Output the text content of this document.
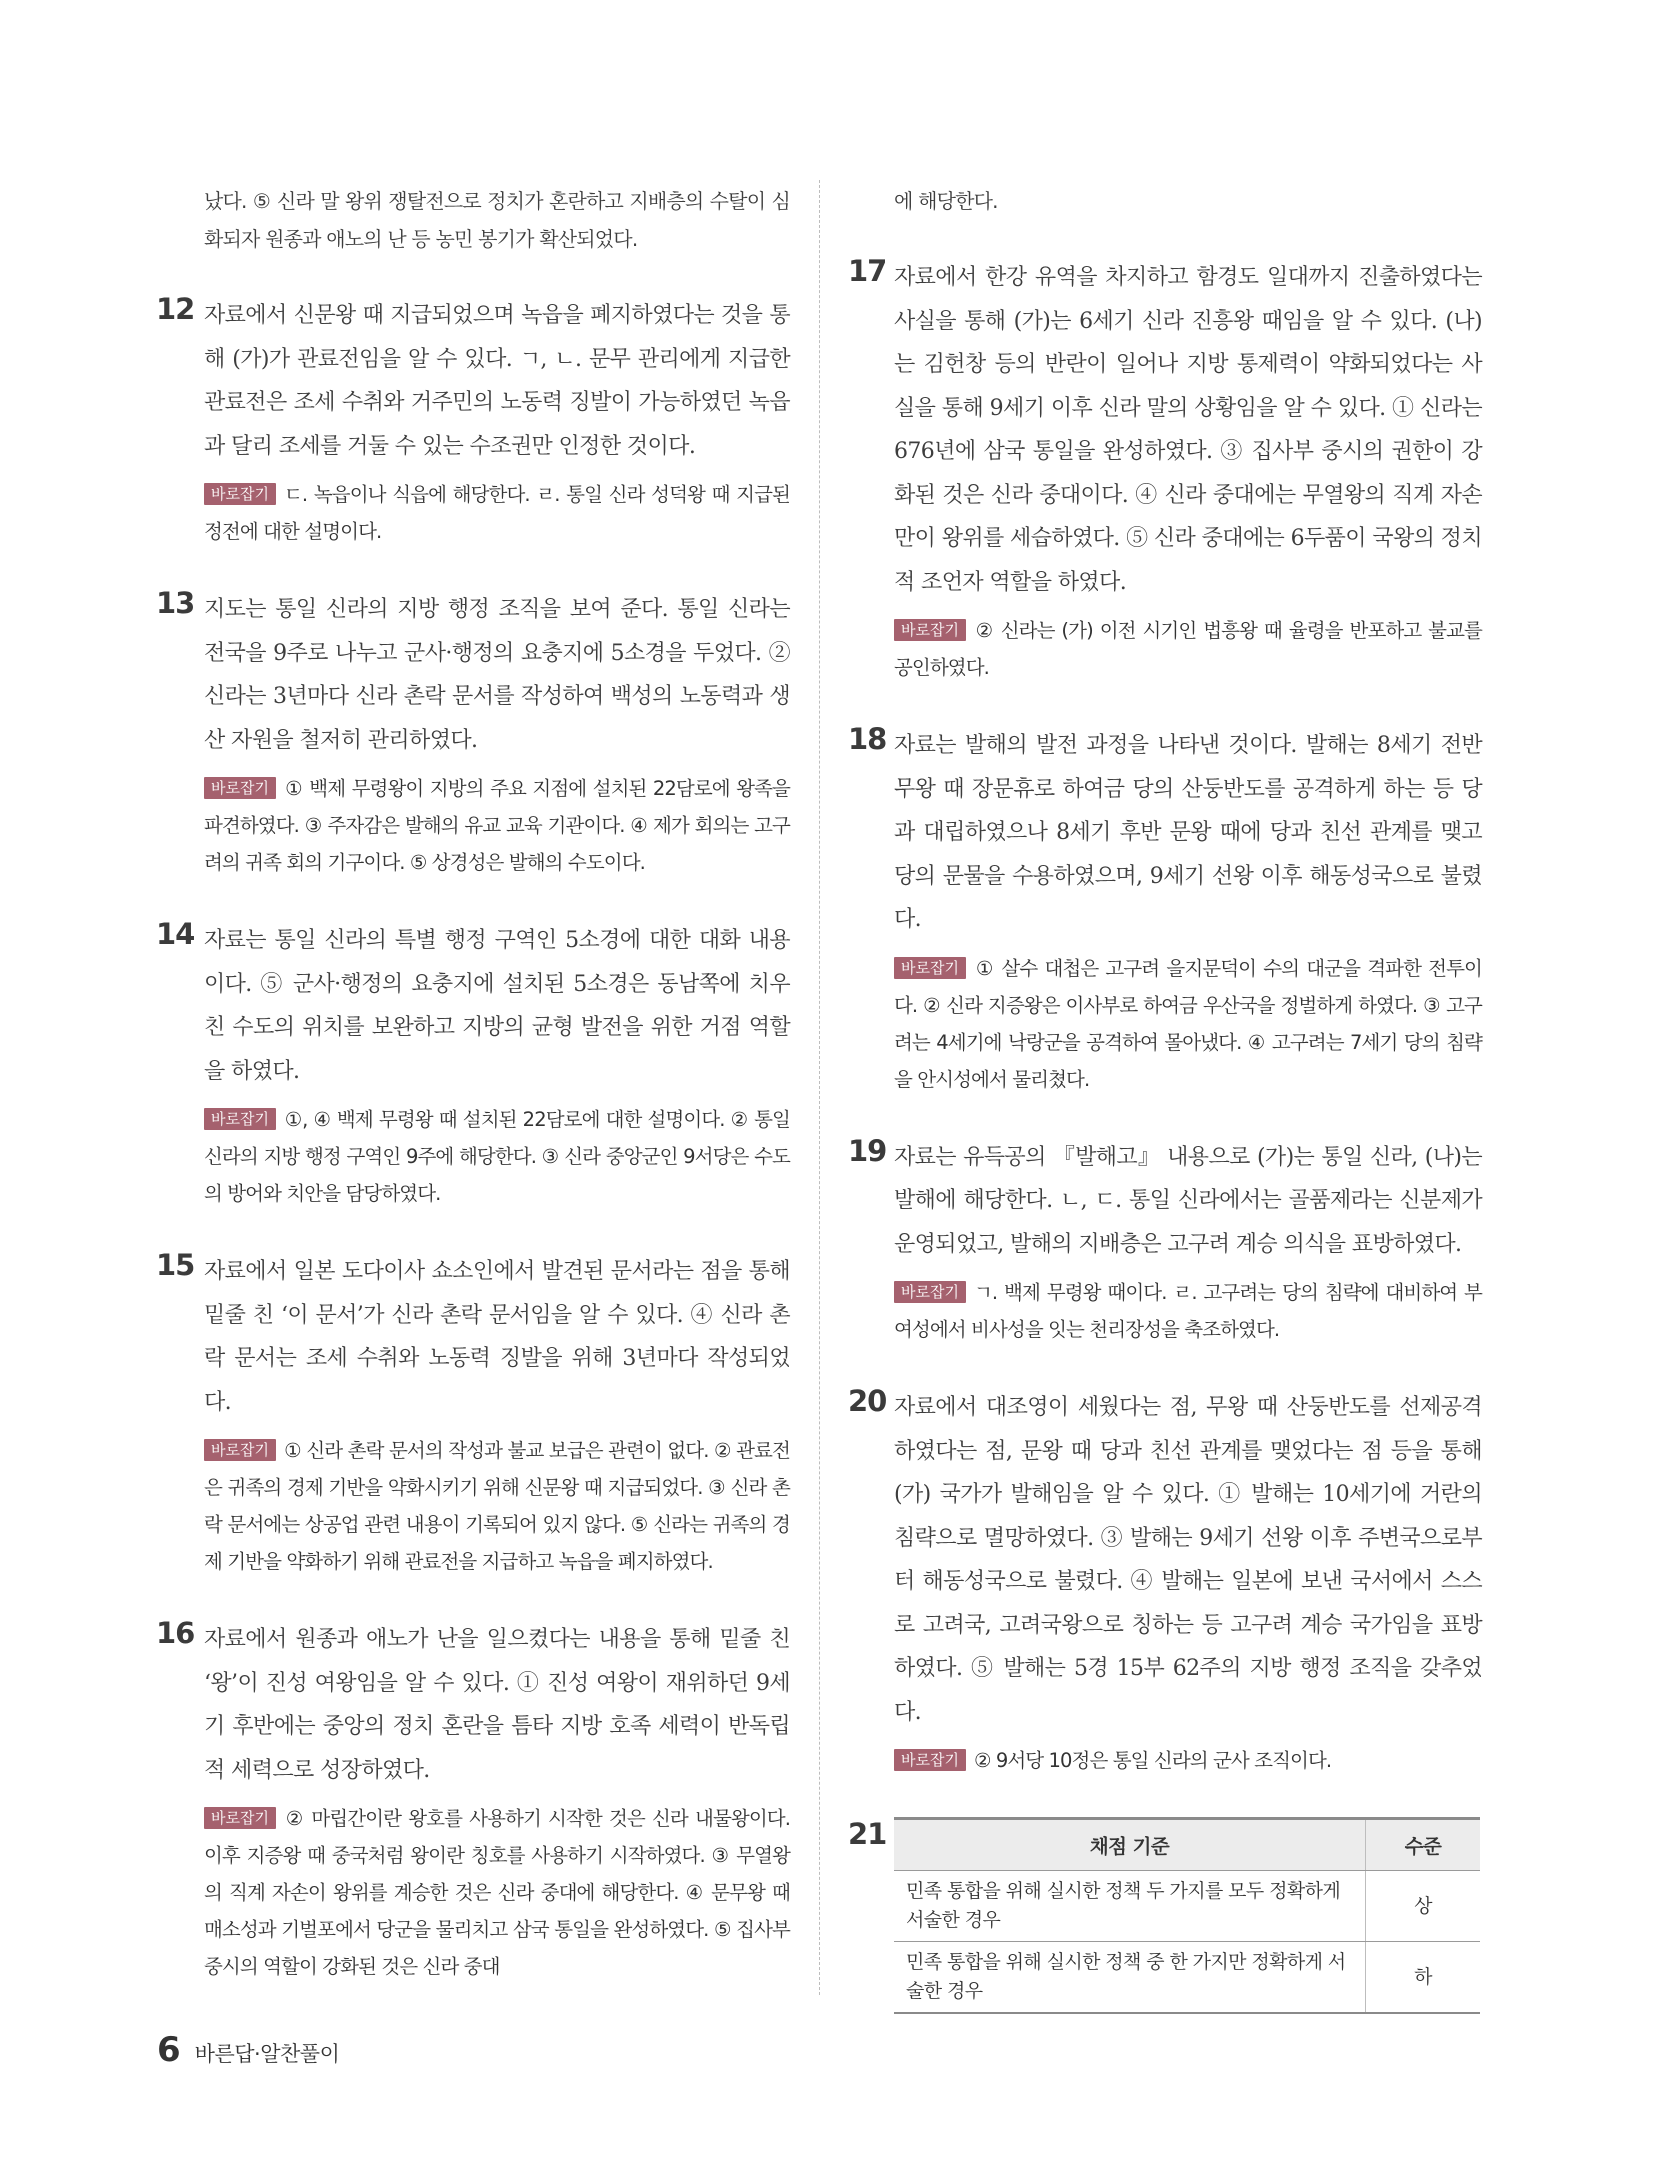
났다. ⑤ 신라 말 왕위 쟁탈전으로 정치가 혼란하고 지배층의 수탈이 심화되자 원종과 애노의 난 등 농민 봉기가 확산되었다.
12 자료에서 신문왕 때 지급되었으며 녹읍을 폐지하였다는 것을 통해 (가)가 관료전임을 알 수 있다. ㄱ, ㄴ. 문무 관리에게 지급한 관료전은 조세 수취와 거주민의 노동력 징발이 가능하였던 녹읍과 달리 조세를 거둘 수 있는 수조권만 인정한 것이다.
바로잡기 ㄷ. 녹읍이나 식읍에 해당한다. ㄹ. 통일 신라 성덕왕 때 지급된 정전에 대한 설명이다.
13 지도는 통일 신라의 지방 행정 조직을 보여 준다. 통일 신라는 전국을 9주로 나누고 군사·행정의 요충지에 5소경을 두었다. ② 신라는 3년마다 신라 촌락 문서를 작성하여 백성의 노동력과 생산 자원을 철저히 관리하였다.
바로잡기 ① 백제 무령왕이 지방의 주요 지점에 설치된 22담로에 왕족을 파견하였다. ③ 주자감은 발해의 유교 교육 기관이다. ④ 제가 회의는 고구려의 귀족 회의 기구이다. ⑤ 상경성은 발해의 수도이다.
14 자료는 통일 신라의 특별 행정 구역인 5소경에 대한 대화 내용이다. ⑤ 군사·행정의 요충지에 설치된 5소경은 동남쪽에 치우친 수도의 위치를 보완하고 지방의 균형 발전을 위한 거점 역할을 하였다.
바로잡기 ①, ④ 백제 무령왕 때 설치된 22담로에 대한 설명이다. ② 통일 신라의 지방 행정 구역인 9주에 해당한다. ③ 신라 중앙군인 9서당은 수도의 방어와 치안을 담당하였다.
15 자료에서 일본 도다이사 쇼소인에서 발견된 문서라는 점을 통해 밑줄 친 ‘이 문서’가 신라 촌락 문서임을 알 수 있다. ④ 신라 촌락 문서는 조세 수취와 노동력 징발을 위해 3년마다 작성되었다.
바로잡기 ① 신라 촌락 문서의 작성과 불교 보급은 관련이 없다. ② 관료전은 귀족의 경제 기반을 약화시키기 위해 신문왕 때 지급되었다. ③ 신라 촌락 문서에는 상공업 관련 내용이 기록되어 있지 않다. ⑤ 신라는 귀족의 경제 기반을 약화하기 위해 관료전을 지급하고 녹읍을 폐지하였다.
16 자료에서 원종과 애노가 난을 일으켰다는 내용을 통해 밑줄 친 ‘왕’이 진성 여왕임을 알 수 있다. ① 진성 여왕이 재위하던 9세기 후반에는 중앙의 정치 혼란을 틈타 지방 호족 세력이 반독립적 세력으로 성장하였다.
바로잡기 ② 마립간이란 왕호를 사용하기 시작한 것은 신라 내물왕이다. 이후 지증왕 때 중국처럼 왕이란 칭호를 사용하기 시작하였다. ③ 무열왕의 직계 자손이 왕위를 계승한 것은 신라 중대에 해당한다. ④ 문무왕 때 매소성과 기벌포에서 당군을 물리치고 삼국 통일을 완성하였다. ⑤ 집사부 중시의 역할이 강화된 것은 신라 중대
에 해당한다.
17 자료에서 한강 유역을 차지하고 함경도 일대까지 진출하였다는 사실을 통해 (가)는 6세기 신라 진흥왕 때임을 알 수 있다. (나)는 김헌창 등의 반란이 일어나 지방 통제력이 약화되었다는 사실을 통해 9세기 이후 신라 말의 상황임을 알 수 있다. ① 신라는 676년에 삼국 통일을 완성하였다. ③ 집사부 중시의 권한이 강화된 것은 신라 중대이다. ④ 신라 중대에는 무열왕의 직계 자손만이 왕위를 세습하였다. ⑤ 신라 중대에는 6두품이 국왕의 정치적 조언자 역할을 하였다.
바로잡기 ② 신라는 (가) 이전 시기인 법흥왕 때 율령을 반포하고 불교를 공인하였다.
18 자료는 발해의 발전 과정을 나타낸 것이다. 발해는 8세기 전반 무왕 때 장문휴로 하여금 당의 산둥반도를 공격하게 하는 등 당과 대립하였으나 8세기 후반 문왕 때에 당과 친선 관계를 맺고 당의 문물을 수용하였으며, 9세기 선왕 이후 해동성국으로 불렸다.
바로잡기 ① 살수 대첩은 고구려 을지문덕이 수의 대군을 격파한 전투이다. ② 신라 지증왕은 이사부로 하여금 우산국을 정벌하게 하였다. ③ 고구려는 4세기에 낙랑군을 공격하여 몰아냈다. ④ 고구려는 7세기 당의 침략을 안시성에서 물리쳤다.
19 자료는 유득공의 『발해고』 내용으로 (가)는 통일 신라, (나)는 발해에 해당한다. ㄴ, ㄷ. 통일 신라에서는 골품제라는 신분제가 운영되었고, 발해의 지배층은 고구려 계승 의식을 표방하였다.
바로잡기 ㄱ. 백제 무령왕 때이다. ㄹ. 고구려는 당의 침략에 대비하여 부여성에서 비사성을 잇는 천리장성을 축조하였다.
20 자료에서 대조영이 세웠다는 점, 무왕 때 산둥반도를 선제공격하였다는 점, 문왕 때 당과 친선 관계를 맺었다는 점 등을 통해 (가) 국가가 발해임을 알 수 있다. ① 발해는 10세기에 거란의 침략으로 멸망하였다. ③ 발해는 9세기 선왕 이후 주변국으로부터 해동성국으로 불렸다. ④ 발해는 일본에 보낸 국서에서 스스로 고려국, 고려국왕으로 칭하는 등 고구려 계승 국가임을 표방하였다. ⑤ 발해는 5경 15부 62주의 지방 행정 조직을 갖추었다.
바로잡기 ② 9서당 10정은 통일 신라의 군사 조직이다.
21	채점 기준	수준
민족 통합을 위해 실시한 정책 두 가지를 모두 정확하게 서술한 경우	상
민족 통합을 위해 실시한 정책 중 한 가지만 정확하게 서술한 경우	하
6 바른답·알찬풀이
